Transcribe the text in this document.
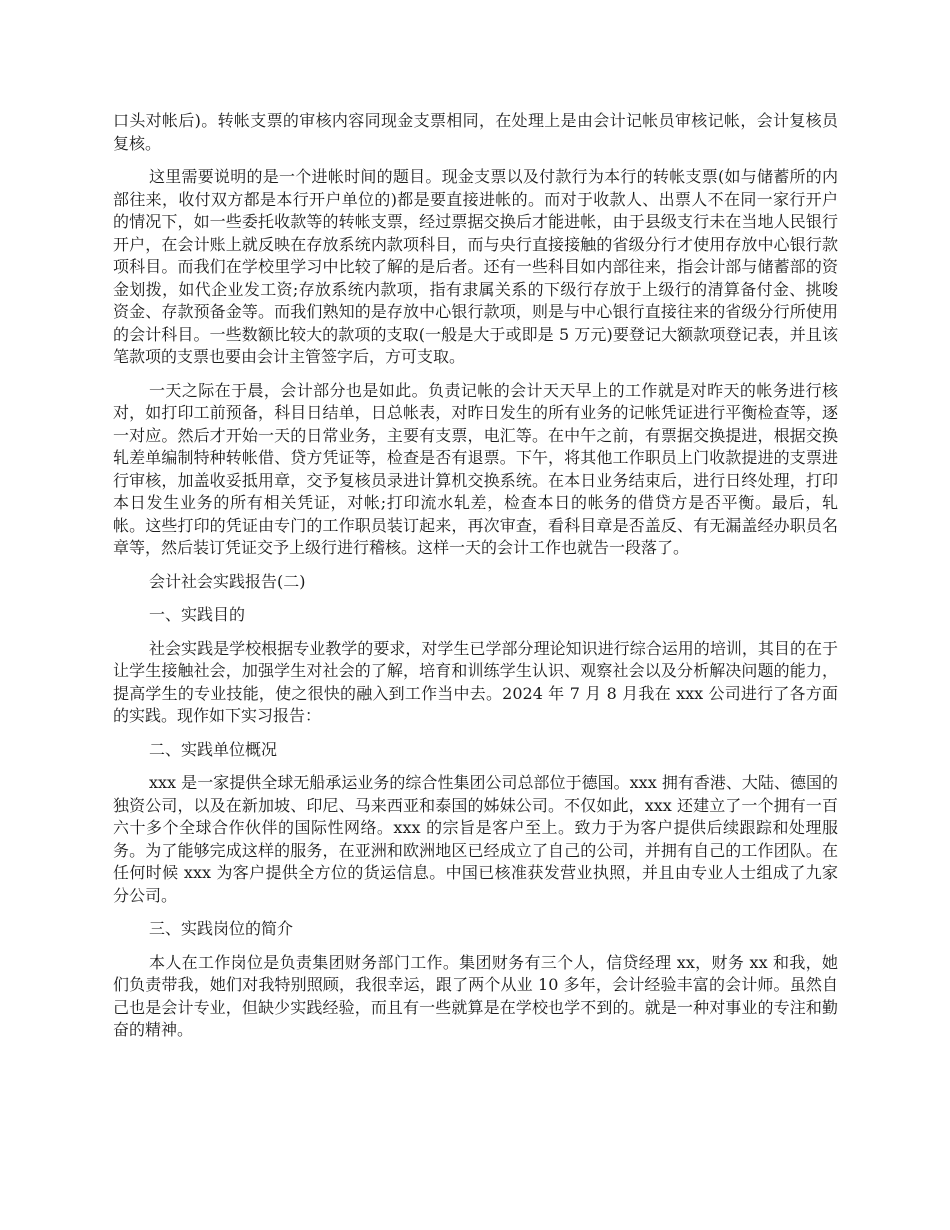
口头对帐后)。转帐支票的审核内容同现金支票相同，在处理上是由会计记帐员审核记帐，会计复核员复核。

这里需要说明的是一个进帐时间的题目。现金支票以及付款行为本行的转帐支票(如与储蓄所的内部往来，收付双方都是本行开户单位的)都是要直接进帐的。而对于收款人、出票人不在同一家行开户的情况下，如一些委托收款等的转帐支票，经过票据交换后才能进帐，由于县级支行未在当地人民银行开户，在会计账上就反映在存放系统内款项科目，而与央行直接接触的省级分行才使用存放中心银行款项科目。而我们在学校里学习中比较了解的是后者。还有一些科目如内部往来，指会计部与储蓄部的资金划拨，如代企业发工资;存放系统内款项，指有隶属关系的下级行存放于上级行的清算备付金、挑唆资金、存款预备金等。而我们熟知的是存放中心银行款项，则是与中心银行直接往来的省级分行所使用的会计科目。一些数额比较大的款项的支取(一般是大于或即是 5 万元)要登记大额款项登记表，并且该笔款项的支票也要由会计主管签字后，方可支取。

一天之际在于晨，会计部分也是如此。负责记帐的会计天天早上的工作就是对昨天的帐务进行核对，如打印工前预备，科目日结单，日总帐表，对昨日发生的所有业务的记帐凭证进行平衡检查等，逐一对应。然后才开始一天的日常业务，主要有支票，电汇等。在中午之前，有票据交换提进，根据交换轧差单编制特种转帐借、贷方凭证等，检查是否有退票。下午，将其他工作职员上门收款提进的支票进行审核，加盖收妥抵用章，交予复核员录进计算机交换系统。在本日业务结束后，进行日终处理，打印本日发生业务的所有相关凭证，对帐;打印流水轧差，检查本日的帐务的借贷方是否平衡。最后，轧帐。这些打印的凭证由专门的工作职员装订起来，再次审查，看科目章是否盖反、有无漏盖经办职员名章等，然后装订凭证交予上级行进行稽核。这样一天的会计工作也就告一段落了。

会计社会实践报告(二)

一、实践目的

社会实践是学校根据专业教学的要求，对学生已学部分理论知识进行综合运用的培训，其目的在于让学生接触社会，加强学生对社会的了解，培育和训练学生认识、观察社会以及分析解决问题的能力，提高学生的专业技能，使之很快的融入到工作当中去。2024 年 7 月 8 月我在 xxx 公司进行了各方面的实践。现作如下实习报告：

二、实践单位概况

xxx 是一家提供全球无船承运业务的综合性集团公司总部位于德国。xxx 拥有香港、大陆、德国的独资公司，以及在新加坡、印尼、马来西亚和泰国的姊妹公司。不仅如此，xxx 还建立了一个拥有一百六十多个全球合作伙伴的国际性网络。xxx 的宗旨是客户至上。致力于为客户提供后续跟踪和处理服务。为了能够完成这样的服务，在亚洲和欧洲地区已经成立了自己的公司，并拥有自己的工作团队。在任何时候 xxx 为客户提供全方位的货运信息。中国已核准获发营业执照，并且由专业人士组成了九家分公司。

三、实践岗位的简介

本人在工作岗位是负责集团财务部门工作。集团财务有三个人，信贷经理 xx，财务 xx 和我，她们负责带我，她们对我特别照顾，我很幸运，跟了两个从业 10 多年，会计经验丰富的会计师。虽然自己也是会计专业，但缺少实践经验，而且有一些就算是在学校也学不到的。就是一种对事业的专注和勤奋的精神。
